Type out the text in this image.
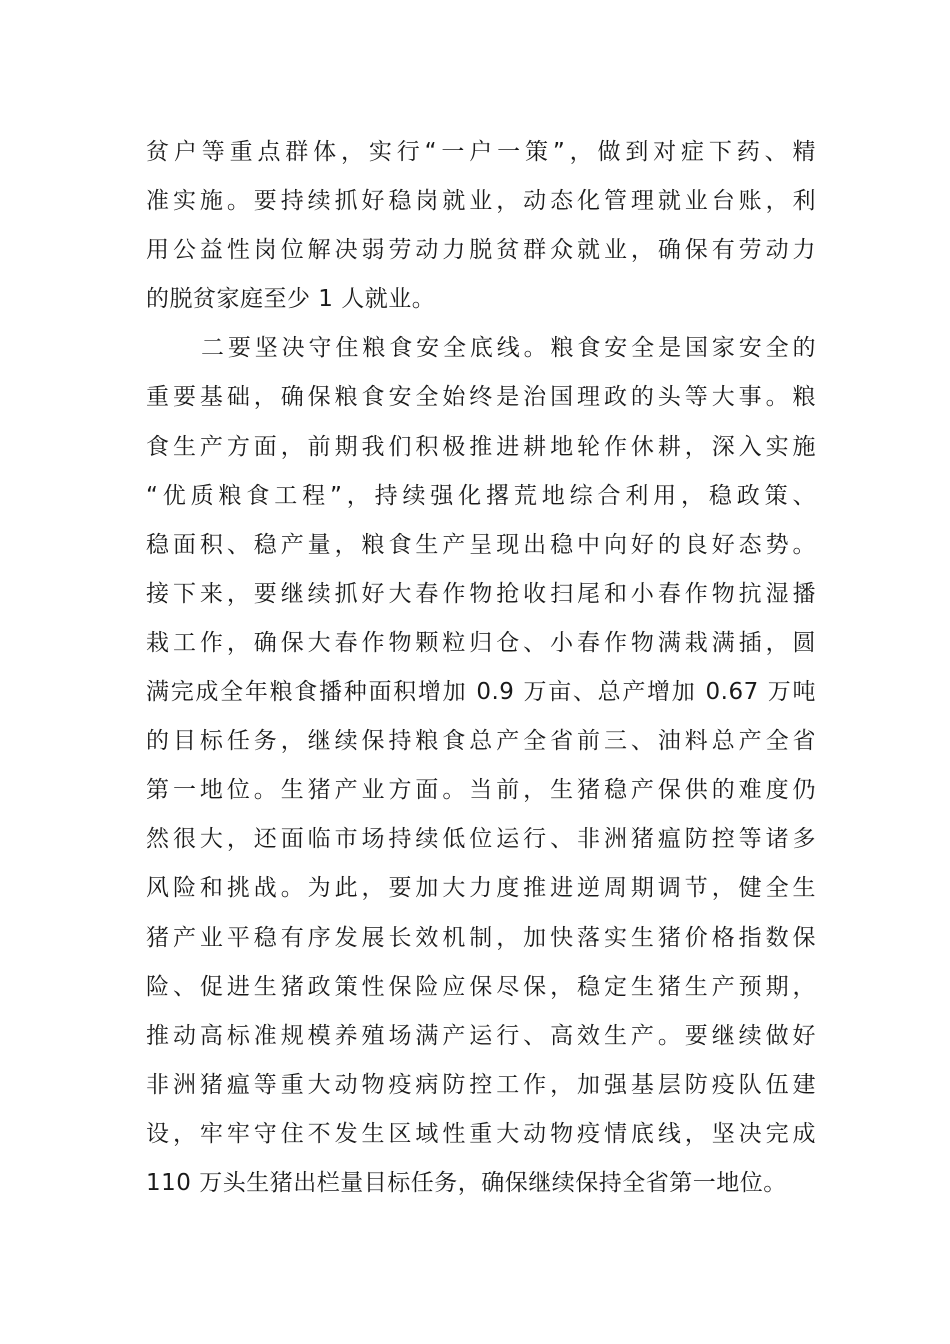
贫户等重点群体，实行“一户一策”，做到对症下药、精
准实施。要持续抓好稳岗就业，动态化管理就业台账，利
用公益性岗位解决弱劳动力脱贫群众就业，确保有劳动力
的脱贫家庭至少 1 人就业。
二要坚决守住粮食安全底线。粮食安全是国家安全的
重要基础，确保粮食安全始终是治国理政的头等大事。粮
食生产方面，前期我们积极推进耕地轮作休耕，深入实施
“优质粮食工程”，持续强化撂荒地综合利用，稳政策、
稳面积、稳产量，粮食生产呈现出稳中向好的良好态势。
接下来，要继续抓好大春作物抢收扫尾和小春作物抗湿播
栽工作，确保大春作物颗粒归仓、小春作物满栽满插，圆
满完成全年粮食播种面积增加 0.9 万亩、总产增加 0.67 万吨
的目标任务，继续保持粮食总产全省前三、油料总产全省
第一地位。生猪产业方面。当前，生猪稳产保供的难度仍
然很大，还面临市场持续低位运行、非洲猪瘟防控等诸多
风险和挑战。为此，要加大力度推进逆周期调节，健全生
猪产业平稳有序发展长效机制，加快落实生猪价格指数保
险、促进生猪政策性保险应保尽保，稳定生猪生产预期，
推动高标准规模养殖场满产运行、高效生产。要继续做好
非洲猪瘟等重大动物疫病防控工作，加强基层防疫队伍建
设，牢牢守住不发生区域性重大动物疫情底线，坚决完成
110 万头生猪出栏量目标任务，确保继续保持全省第一地位。
